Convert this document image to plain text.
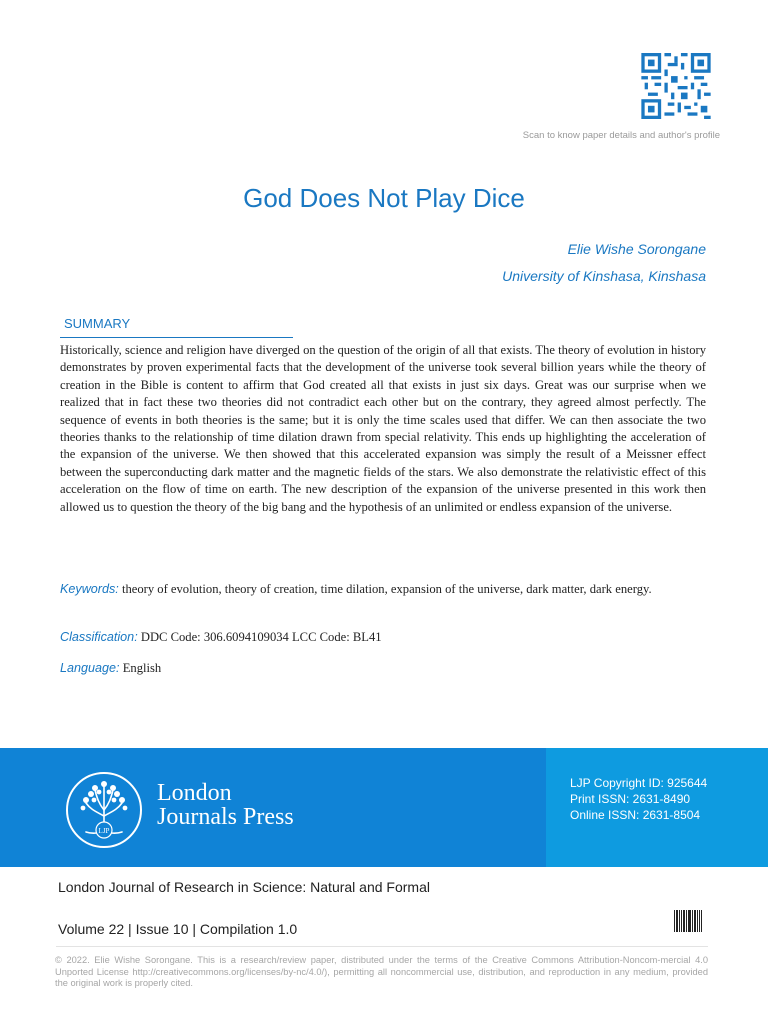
Scan to know paper details and author's profile
God Does Not Play Dice
Elie Wishe Sorongane
University of Kinshasa, Kinshasa
SUMMARY

Historically, science and religion have diverged on the question of the origin of all that exists. The theory of evolution in history demonstrates by proven experimental facts that the development of the universe took several billion years while the theory of creation in the Bible is content to affirm that God created all that exists in just six days. Great was our surprise when we realized that in fact these two theories did not contradict each other but on the contrary, they agreed almost perfectly. The sequence of events in both theories is the same; but it is only the time scales used that differ. We can then associate the two theories thanks to the relationship of time dilation drawn from special relativity. This ends up highlighting the acceleration of the expansion of the universe. We then showed that this accelerated expansion was simply the result of a Meissner effect between the superconducting dark matter and the magnetic fields of the stars. We also demonstrate the relativistic effect of this acceleration on the flow of time on earth. The new description of the expansion of the universe presented in this work then allowed us to question the theory of the big bang and the hypothesis of an unlimited or endless expansion of the universe.

Keywords: theory of evolution, theory of creation, time dilation, expansion of the universe, dark matter, dark energy.
Classification: DDC Code: 306.6094109034 LCC Code: BL41
Language: English
LJP
London
Journals Press
LJP Copyright ID: 925644
Print ISSN: 2631-8490
Online ISSN: 2631-8504
London Journal of Research in Science: Natural and Formal
Volume 22 | Issue 10 | Compilation 1.0

© 2022. Elie Wishe Sorongane. This is a research/review paper, distributed under the terms of the Creative Commons Attribution-Noncom-mercial 4.0 Unported License http://creativecommons.org/licenses/by-nc/4.0/), permitting all noncommercial use, distribution, and reproduction in any medium, provided the original work is properly cited.
